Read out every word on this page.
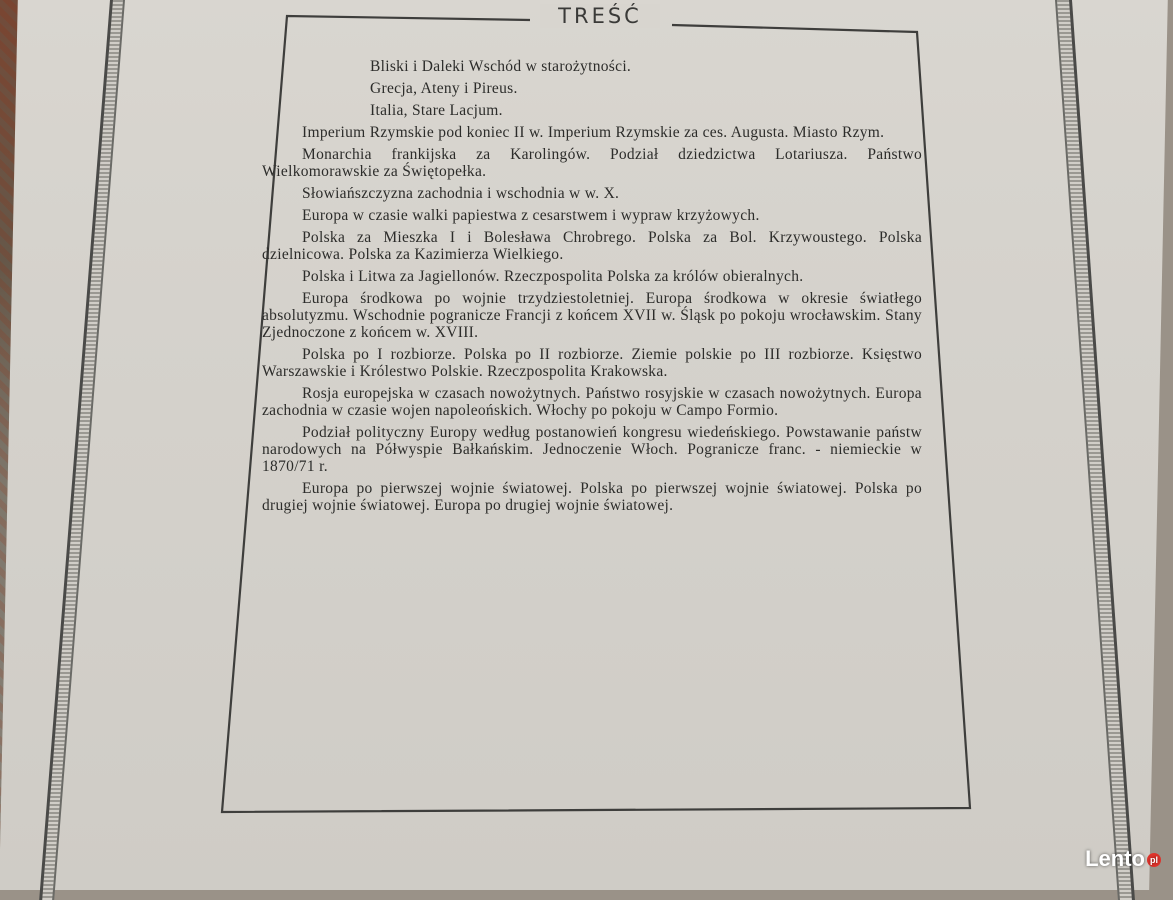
TREŚĆ

Bliski i Daleki Wschód w starożytności.

Grecja, Ateny i Pireus.

Italia, Stare Lacjum.

Imperium Rzymskie pod koniec II w. Imperium Rzymskie za ces. Augusta. Miasto Rzym.

Monarchia frankijska za Karolingów. Podział dziedzictwa Lotariusza. Państwo Wielkomorawskie za Świętopełka.

Słowiańszczyzna zachodnia i wschodnia w w. X.

Europa w czasie walki papiestwa z cesarstwem i wypraw krzyżowych.

Polska za Mieszka I i Bolesława Chrobrego. Polska za Bol. Krzywoustego. Polska dzielnicowa. Polska za Kazimierza Wielkiego.

Polska i Litwa za Jagiellonów. Rzeczpospolita Polska za królów obieralnych.

Europa środkowa po wojnie trzydziestoletniej. Europa środkowa w okresie światłego absolutyzmu. Wschodnie pogranicze Francji z końcem XVII w. Śląsk po pokoju wrocławskim. Stany Zjednoczone z końcem w. XVIII.

Polska po I rozbiorze. Polska po II rozbiorze. Ziemie polskie po III rozbiorze. Księstwo Warszawskie i Królestwo Polskie. Rzeczpospolita Krakowska.

Rosja europejska w czasach nowożytnych. Państwo rosyjskie w czasach nowożytnych. Europa zachodnia w czasie wojen napoleońskich. Włochy po pokoju w Campo Formio.

Podział polityczny Europy według postanowień kongresu wiedeńskiego. Powstawanie państw narodowych na Półwyspie Bałkańskim. Jednoczenie Włoch. Pogranicze franc. - niemieckie w 1870/71 r.

Europa po pierwszej wojnie światowej. Polska po pierwszej wojnie światowej. Polska po drugiej wojnie światowej. Europa po drugiej wojnie światowej.

Lento pl
